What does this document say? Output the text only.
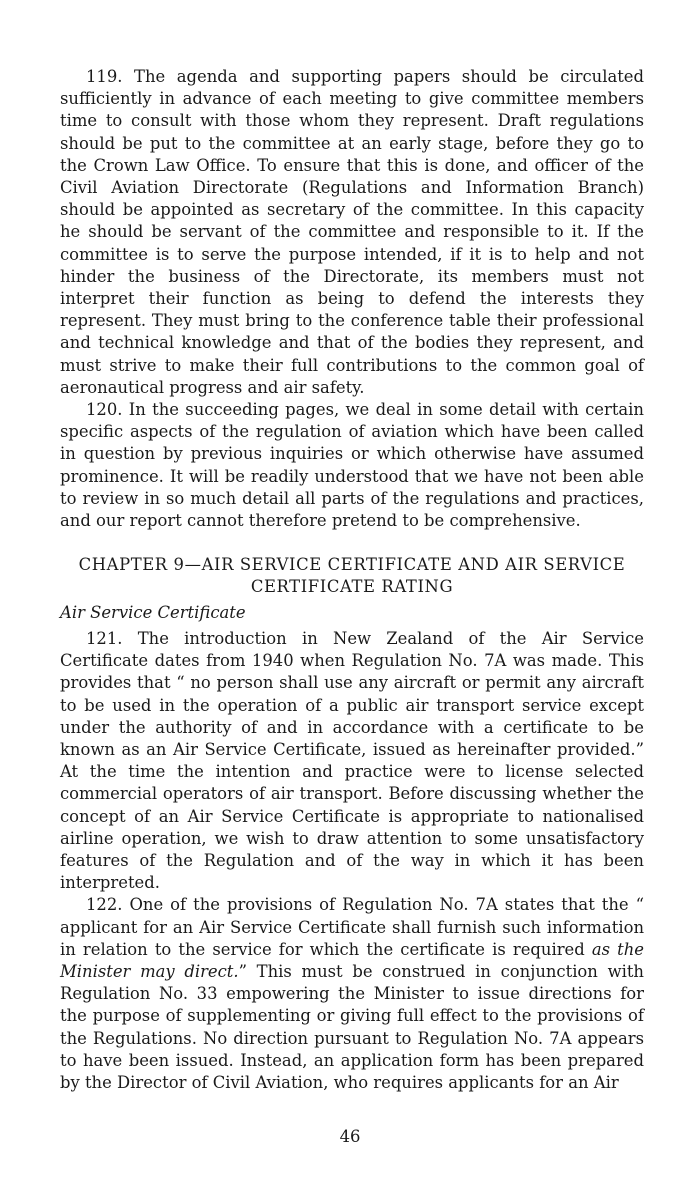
119. The agenda and supporting papers should be circulated sufficiently in advance of each meeting to give committee members time to consult with those whom they represent. Draft regulations should be put to the committee at an early stage, before they go to the Crown Law Office. To ensure that this is done, and officer of the Civil Aviation Directorate (Regulations and Information Branch) should be appointed as secretary of the committee. In this capacity he should be servant of the committee and responsible to it. If the committee is to serve the purpose intended, if it is to help and not hinder the business of the Directorate, its members must not interpret their function as being to defend the interests they represent. They must bring to the conference table their professional and technical knowledge and that of the bodies they represent, and must strive to make their full contributions to the common goal of aeronautical progress and air safety.

120. In the succeeding pages, we deal in some detail with certain specific aspects of the regulation of aviation which have been called in question by previous inquiries or which otherwise have assumed prominence. It will be readily understood that we have not been able to review in so much detail all parts of the regulations and practices, and our report cannot therefore pretend to be comprehensive.

CHAPTER 9—AIR SERVICE CERTIFICATE AND AIR SERVICE CERTIFICATE RATING

Air Service Certificate

121. The introduction in New Zealand of the Air Service Certificate dates from 1940 when Regulation No. 7A was made. This provides that “ no person shall use any aircraft or permit any aircraft to be used in the operation of a public air transport service except under the authority of and in accordance with a certificate to be known as an Air Service Certificate, issued as hereinafter provided.” At the time the intention and practice were to license selected commercial operators of air transport. Before discussing whether the concept of an Air Service Certificate is appropriate to nationalised airline operation, we wish to draw attention to some unsatisfactory features of the Regulation and of the way in which it has been interpreted.

122. One of the provisions of Regulation No. 7A states that the “ applicant for an Air Service Certificate shall furnish such information in relation to the service for which the certificate is required as the Minister may direct.” This must be construed in conjunction with Regulation No. 33 empowering the Minister to issue directions for the purpose of supplementing or giving full effect to the provisions of the Regulations. No direction pursuant to Regulation No. 7A appears to have been issued. Instead, an application form has been prepared by the Director of Civil Aviation, who requires applicants for an Air

46
